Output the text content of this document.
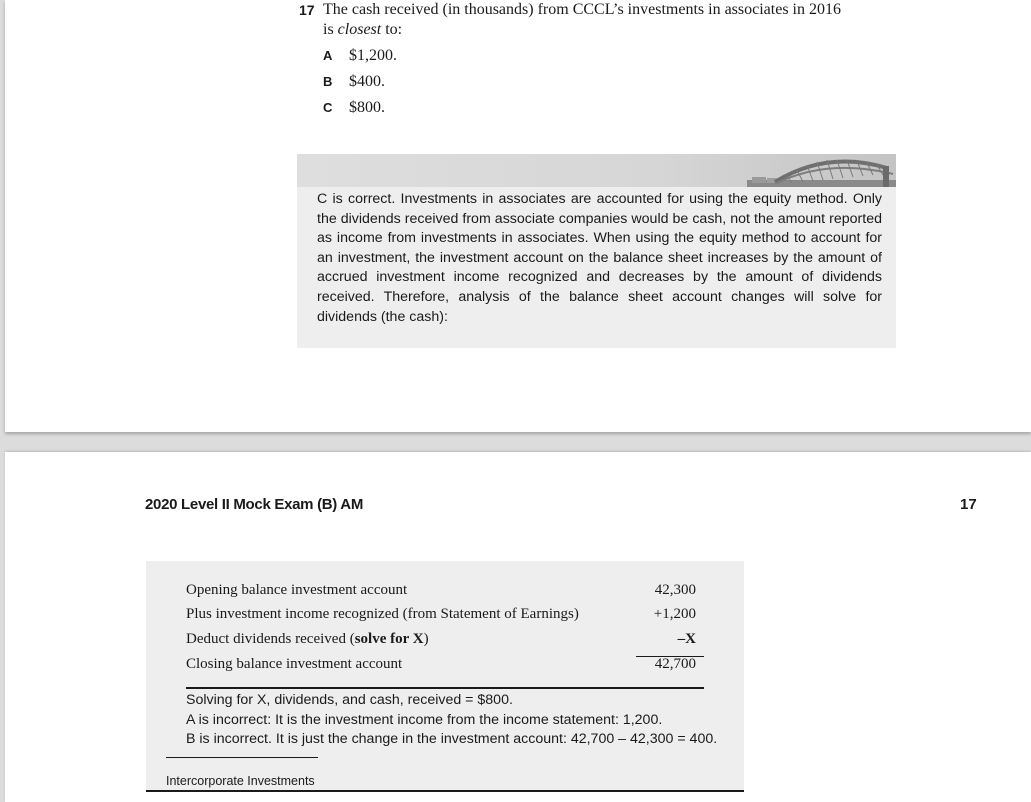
17 The cash received (in thousands) from CCCL’s investments in associates in 2016
is closest to:
A $1,200.
B $400.
C $800.
C is correct. Investments in associates are accounted for using the equity method. Only the dividends received from associate companies would be cash, not the amount reported as income from investments in associates. When using the equity method to account for an investment, the investment account on the balance sheet increases by the amount of accrued investment income recognized and decreases by the amount of dividends received. Therefore, analysis of the balance sheet account changes will solve for dividends (the cash):
2020 Level II Mock Exam (B) AM	17
Opening balance investment account	42,300
Plus investment income recognized (from Statement of Earnings)	+1,200
Deduct dividends received (solve for X)	–X
Closing balance investment account	42,700
Solving for X, dividends, and cash, received = $800.
A is incorrect: It is the investment income from the income statement: 1,200.
B is incorrect. It is just the change in the investment account: 42,700 – 42,300 = 400.
Intercorporate Investments
